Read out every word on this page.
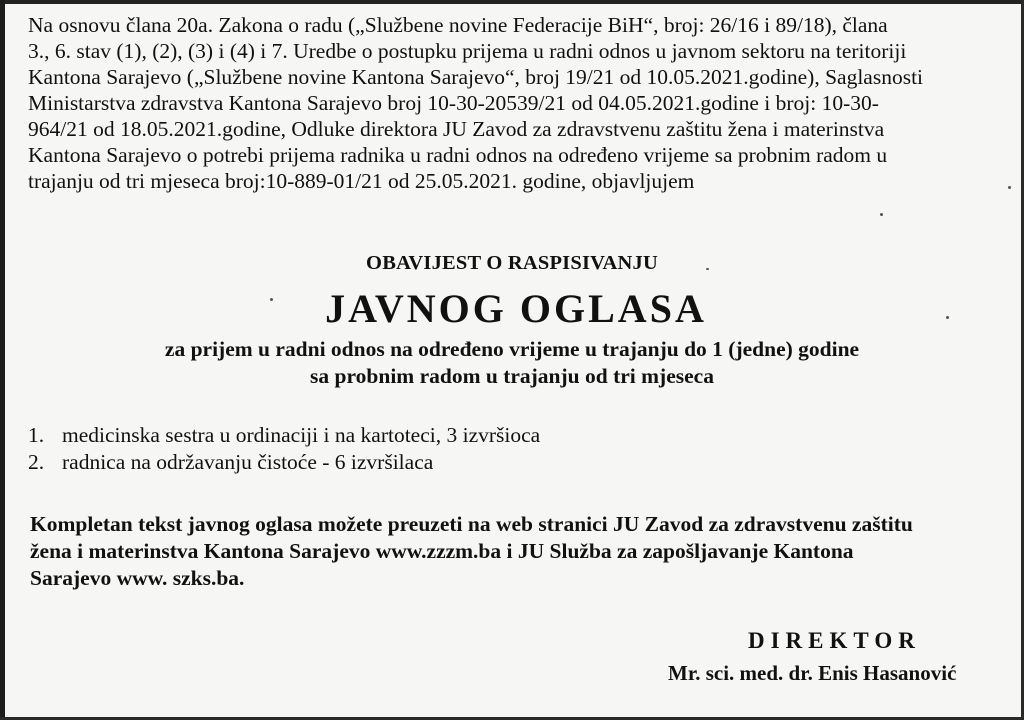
Na osnovu člana 20a. Zakona o radu („Službene novine Federacije BiH“, broj: 26/16 i 89/18), člana
3., 6. stav (1), (2), (3) i (4) i 7. Uredbe o postupku prijema u radni odnos u javnom sektoru na teritoriji
Kantona Sarajevo („Službene novine Kantona Sarajevo“, broj 19/21 od 10.05.2021.godine), Saglasnosti
Ministarstva zdravstva Kantona Sarajevo broj 10-30-20539/21 od 04.05.2021.godine i broj: 10-30-
964/21 od 18.05.2021.godine, Odluke direktora JU Zavod za zdravstvenu zaštitu žena i materinstva
Kantona Sarajevo o potrebi prijema radnika u radni odnos na određeno vrijeme sa probnim radom u
trajanju od tri mjeseca broj:10-889-01/21 od 25.05.2021. godine, objavljujem

OBAVIJEST O RASPISIVANJU
JAVNOG OGLASA
za prijem u radni odnos na određeno vrijeme u trajanju do 1 (jedne) godine
sa probnim radom u trajanju od tri mjeseca
1. medicinska sestra u ordinaciji i na kartoteci, 3 izvršioca
2. radnica na održavanju čistoće - 6 izvršilaca

Kompletan tekst javnog oglasa možete preuzeti na web stranici JU Zavod za zdravstvenu zaštitu
žena i materinstva Kantona Sarajevo www.zzzm.ba i JU Služba za zapošljavanje Kantona
Sarajevo www. szks.ba.

DIREKTOR
Mr. sci. med. dr. Enis Hasanović
